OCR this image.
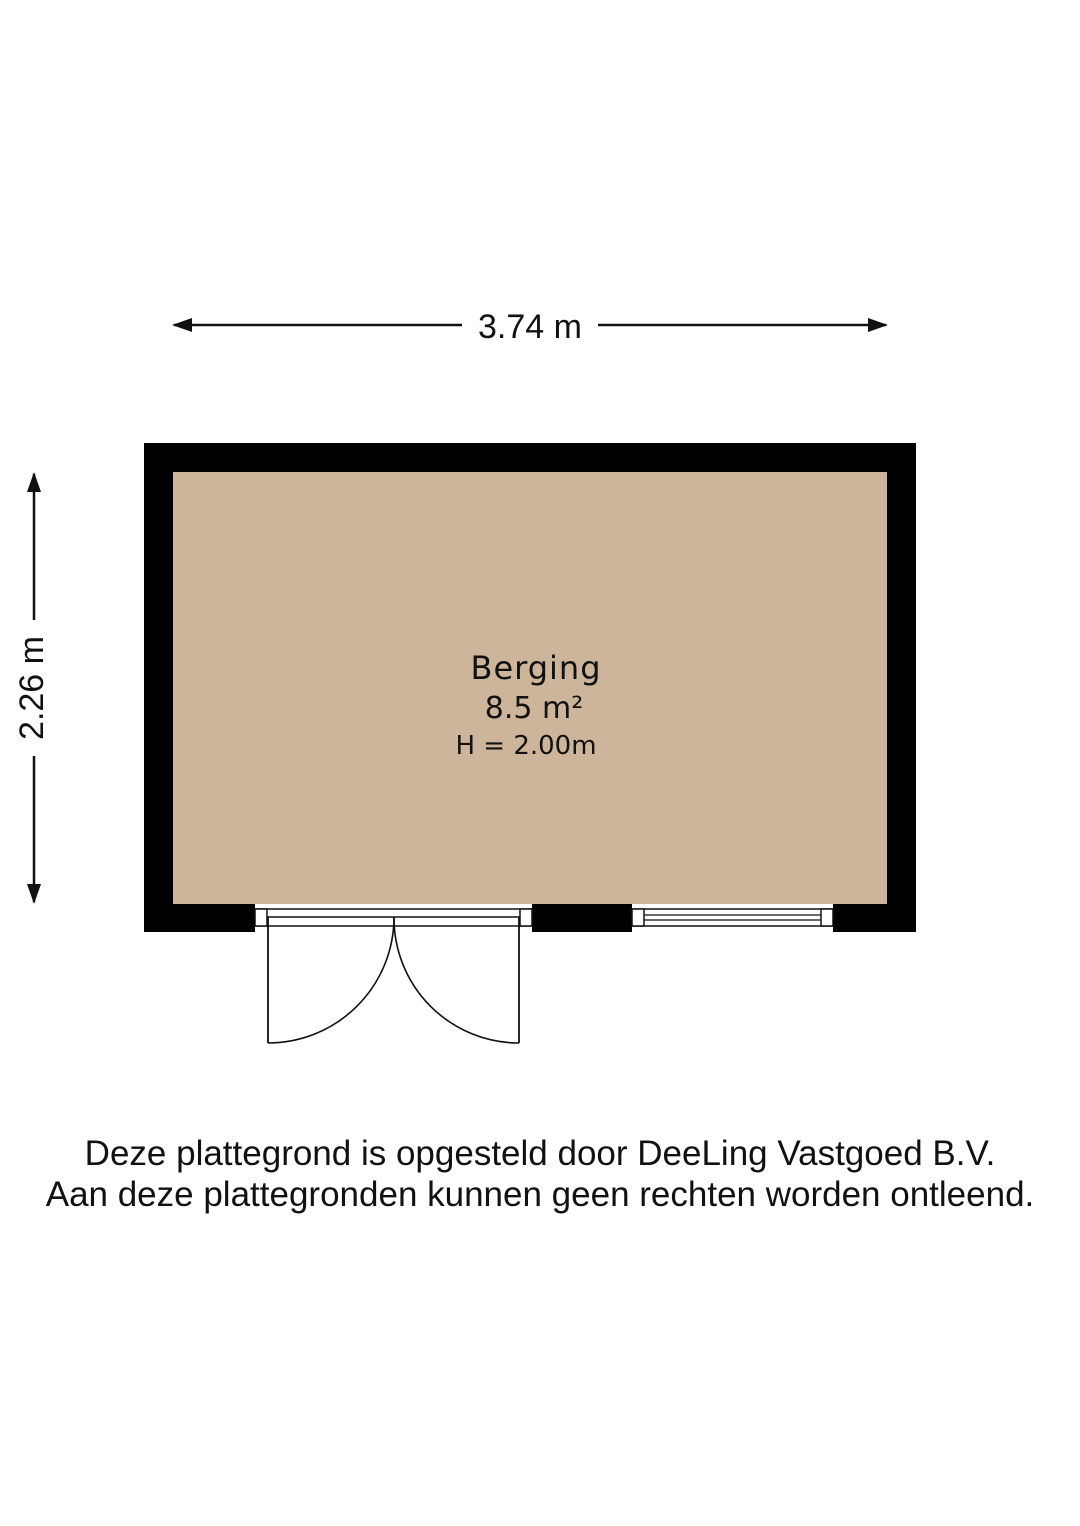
3.74 m
2.26 m	Berging
8.5 m²
H = 2.00m
Deze plattegrond is opgesteld door DeeLing Vastgoed B.V.
Aan deze plattegronden kunnen geen rechten worden ontleend.
